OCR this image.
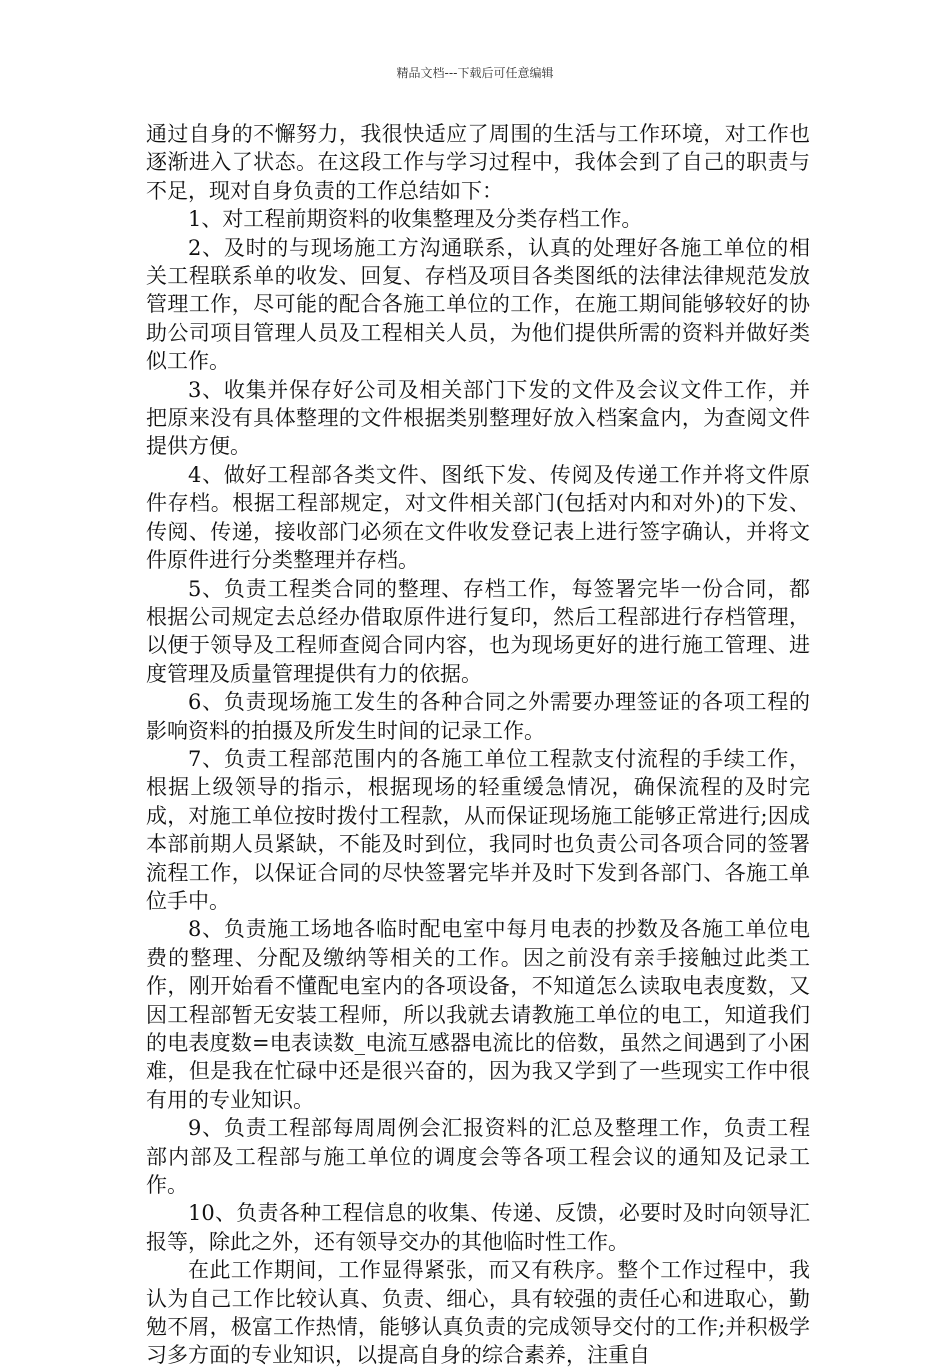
精品文档---下载后可任意编辑

通过自身的不懈努力，我很快适应了周围的生活与工作环境，对工作也逐渐进入了状态。在这段工作与学习过程中，我体会到了自己的职责与不足，现对自身负责的工作总结如下：

1、对工程前期资料的收集整理及分类存档工作。

2、及时的与现场施工方沟通联系，认真的处理好各施工单位的相关工程联系单的收发、回复、存档及项目各类图纸的法律法律规范发放管理工作，尽可能的配合各施工单位的工作，在施工期间能够较好的协助公司项目管理人员及工程相关人员，为他们提供所需的资料并做好类似工作。

3、收集并保存好公司及相关部门下发的文件及会议文件工作，并把原来没有具体整理的文件根据类别整理好放入档案盒内，为查阅文件提供方便。

4、做好工程部各类文件、图纸下发、传阅及传递工作并将文件原件存档。根据工程部规定，对文件相关部门(包括对内和对外)的下发、传阅、传递，接收部门必须在文件收发登记表上进行签字确认，并将文件原件进行分类整理并存档。

5、负责工程类合同的整理、存档工作，每签署完毕一份合同，都根据公司规定去总经办借取原件进行复印，然后工程部进行存档管理，以便于领导及工程师查阅合同内容，也为现场更好的进行施工管理、进度管理及质量管理提供有力的依据。

6、负责现场施工发生的各种合同之外需要办理签证的各项工程的影响资料的拍摄及所发生时间的记录工作。

7、负责工程部范围内的各施工单位工程款支付流程的手续工作，根据上级领导的指示，根据现场的轻重缓急情况，确保流程的及时完成，对施工单位按时拨付工程款，从而保证现场施工能够正常进行;因成本部前期人员紧缺，不能及时到位，我同时也负责公司各项合同的签署流程工作，以保证合同的尽快签署完毕并及时下发到各部门、各施工单位手中。

8、负责施工场地各临时配电室中每月电表的抄数及各施工单位电费的整理、分配及缴纳等相关的工作。因之前没有亲手接触过此类工作，刚开始看不懂配电室内的各项设备，不知道怎么读取电表度数，又因工程部暂无安装工程师，所以我就去请教施工单位的电工，知道我们的电表度数=电表读数_电流互感器电流比的倍数，虽然之间遇到了小困难，但是我在忙碌中还是很兴奋的，因为我又学到了一些现实工作中很有用的专业知识。

9、负责工程部每周周例会汇报资料的汇总及整理工作，负责工程部内部及工程部与施工单位的调度会等各项工程会议的通知及记录工作。

10、负责各种工程信息的收集、传递、反馈，必要时及时向领导汇报等，除此之外，还有领导交办的其他临时性工作。

在此工作期间，工作显得紧张，而又有秩序。整个工作过程中，我认为自己工作比较认真、负责、细心，具有较强的责任心和进取心，勤勉不屑，极富工作热情，能够认真负责的完成领导交付的工作;并积极学习多方面的专业知识，以提高自身的综合素养，注重自
